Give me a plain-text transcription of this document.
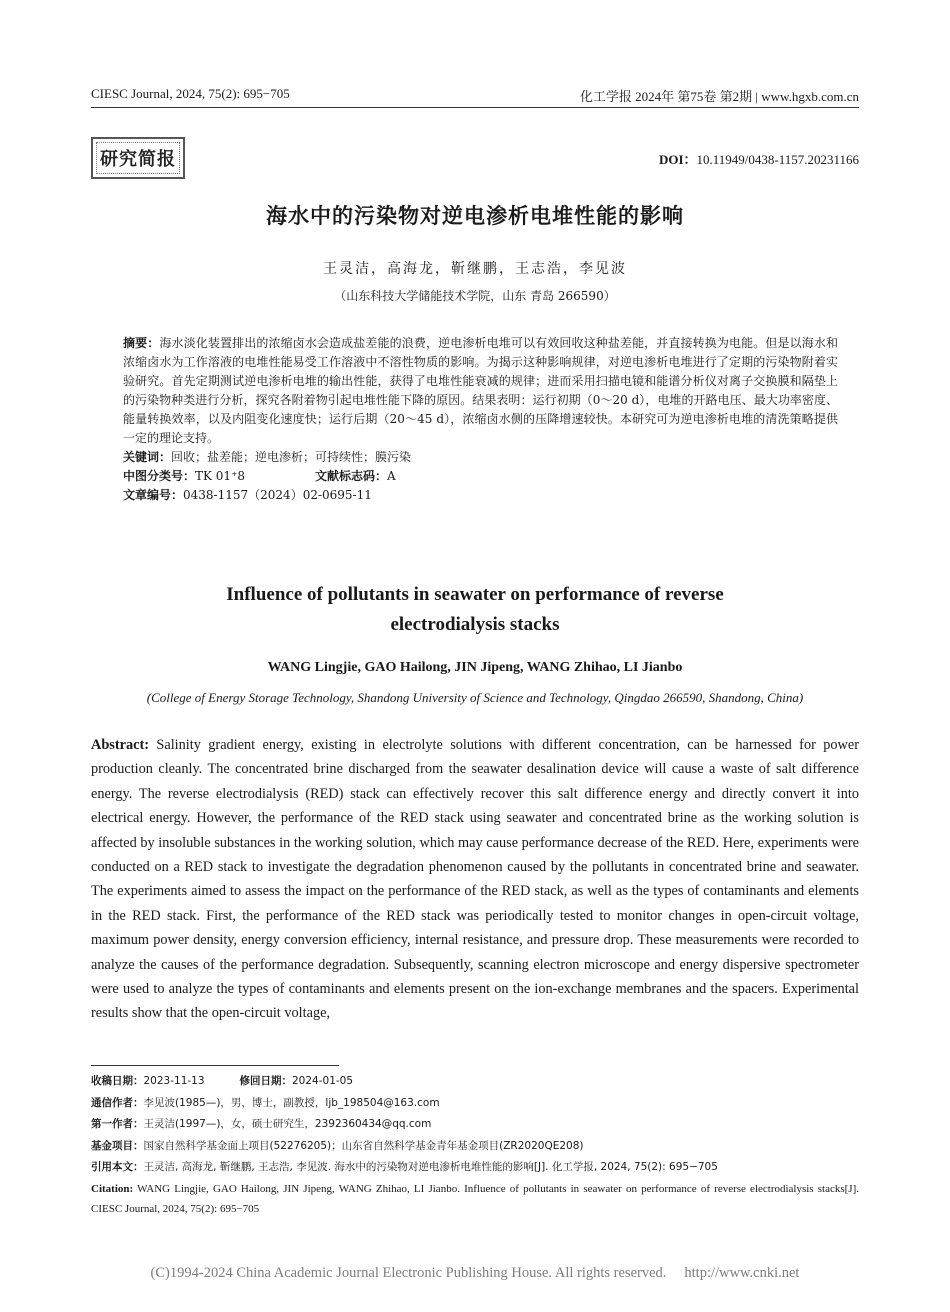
CIESC Journal, 2024, 75(2): 695−705	化工学报 2024年 第75卷 第2期 | www.hgxb.com.cn
研究简报	DOI：10.11949/0438-1157.20231166
海水中的污染物对逆电渗析电堆性能的影响
王灵洁，高海龙，靳继鹏，王志浩，李见波
（山东科技大学储能技术学院，山东 青岛 266590）
摘要：海水淡化装置排出的浓缩卤水会造成盐差能的浪费，逆电渗析电堆可以有效回收这种盐差能，并直接转换为电能。但是以海水和浓缩卤水为工作溶液的电堆性能易受工作溶液中不溶性物质的影响。为揭示这种影响规律，对逆电渗析电堆进行了定期的污染物附着实验研究。首先定期测试逆电渗析电堆的输出性能，获得了电堆性能衰减的规律；进而采用扫描电镜和能谱分析仪对离子交换膜和隔垫上的污染物种类进行分析，探究各附着物引起电堆性能下降的原因。结果表明：运行初期（0～20 d），电堆的开路电压、最大功率密度、能量转换效率，以及内阻变化速度快；运行后期（20～45 d），浓缩卤水侧的压降增速较快。本研究可为逆电渗析电堆的清洗策略提供一定的理论支持。
关键词：回收；盐差能；逆电渗析；可持续性；膜污染
中图分类号：TK 01⁺8	文献标志码：A
文章编号：0438-1157（2024）02-0695-11
Influence of pollutants in seawater on performance of reverse
electrodialysis stacks
WANG Lingjie, GAO Hailong, JIN Jipeng, WANG Zhihao, LI Jianbo
(College of Energy Storage Technology, Shandong University of Science and Technology, Qingdao 266590, Shandong, China)
Abstract: Salinity gradient energy, existing in electrolyte solutions with different concentration, can be harnessed for power production cleanly. The concentrated brine discharged from the seawater desalination device will cause a waste of salt difference energy. The reverse electrodialysis (RED) stack can effectively recover this salt difference energy and directly convert it into electrical energy. However, the performance of the RED stack using seawater and concentrated brine as the working solution is affected by insoluble substances in the working solution, which may cause performance decrease of the RED. Here, experiments were conducted on a RED stack to investigate the degradation phenomenon caused by the pollutants in concentrated brine and seawater. The experiments aimed to assess the impact on the performance of the RED stack, as well as the types of contaminants and elements in the RED stack. First, the performance of the RED stack was periodically tested to monitor changes in open-circuit voltage, maximum power density, energy conversion efficiency, internal resistance, and pressure drop. These measurements were recorded to analyze the causes of the performance degradation. Subsequently, scanning electron microscope and energy dispersive spectrometer were used to analyze the types of contaminants and elements present on the ion-exchange membranes and the spacers. Experimental results show that the open-circuit voltage,
收稿日期：2023-11-13	修回日期：2024-01-05
通信作者：李见波(1985—)，男，博士，副教授，ljb_198504@163.com
第一作者：王灵洁(1997—)，女，硕士研究生，2392360434@qq.com
基金项目：国家自然科学基金面上项目(52276205)；山东省自然科学基金青年基金项目(ZR2020QE208)
引用本文：王灵洁, 高海龙, 靳继鹏, 王志浩, 李见波. 海水中的污染物对逆电渗析电堆性能的影响[J]. 化工学报, 2024, 75(2): 695−705
Citation: WANG Lingjie, GAO Hailong, JIN Jipeng, WANG Zhihao, LI Jianbo. Influence of pollutants in seawater on performance of reverse electrodialysis stacks[J]. CIESC Journal, 2024, 75(2): 695−705
(C)1994-2024 China Academic Journal Electronic Publishing House. All rights reserved. http://www.cnki.net
